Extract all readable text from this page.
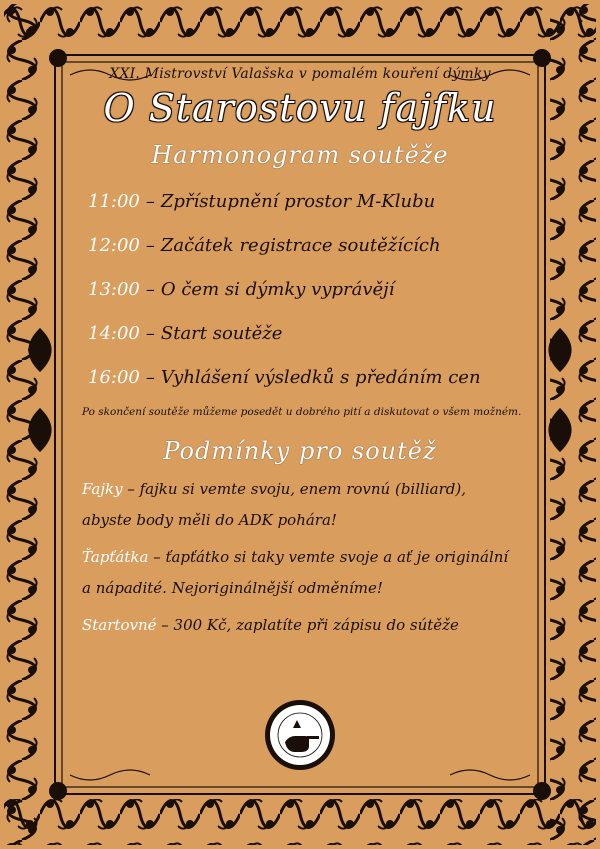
XXI. Mistrovství Valašska v pomalém kouření dýmky
O Starostovu fajfku
Harmonogram soutěže
11:00 – Zpřístupnění prostor M-Klubu
12:00 – Začátek registrace soutěžících
13:00 – O čem si dýmky vyprávějí
14:00 – Start soutěže
16:00 – Vyhlášení výsledků s předáním cen
Po skončení soutěže můžeme posedět u dobrého pití a diskutovat o všem možném.
Podmínky pro soutěž
Fajky – fajku si vemte svoju, enem rovnú (billiard), abyste body měli do ADK pohára!
Ťapťátka – ťapťátko si taky vemte svoje a ať je originální a nápadité. Nejoriginálnější odměníme!
Startovné – 300 Kč, zaplatíte při zápisu do sútěže
